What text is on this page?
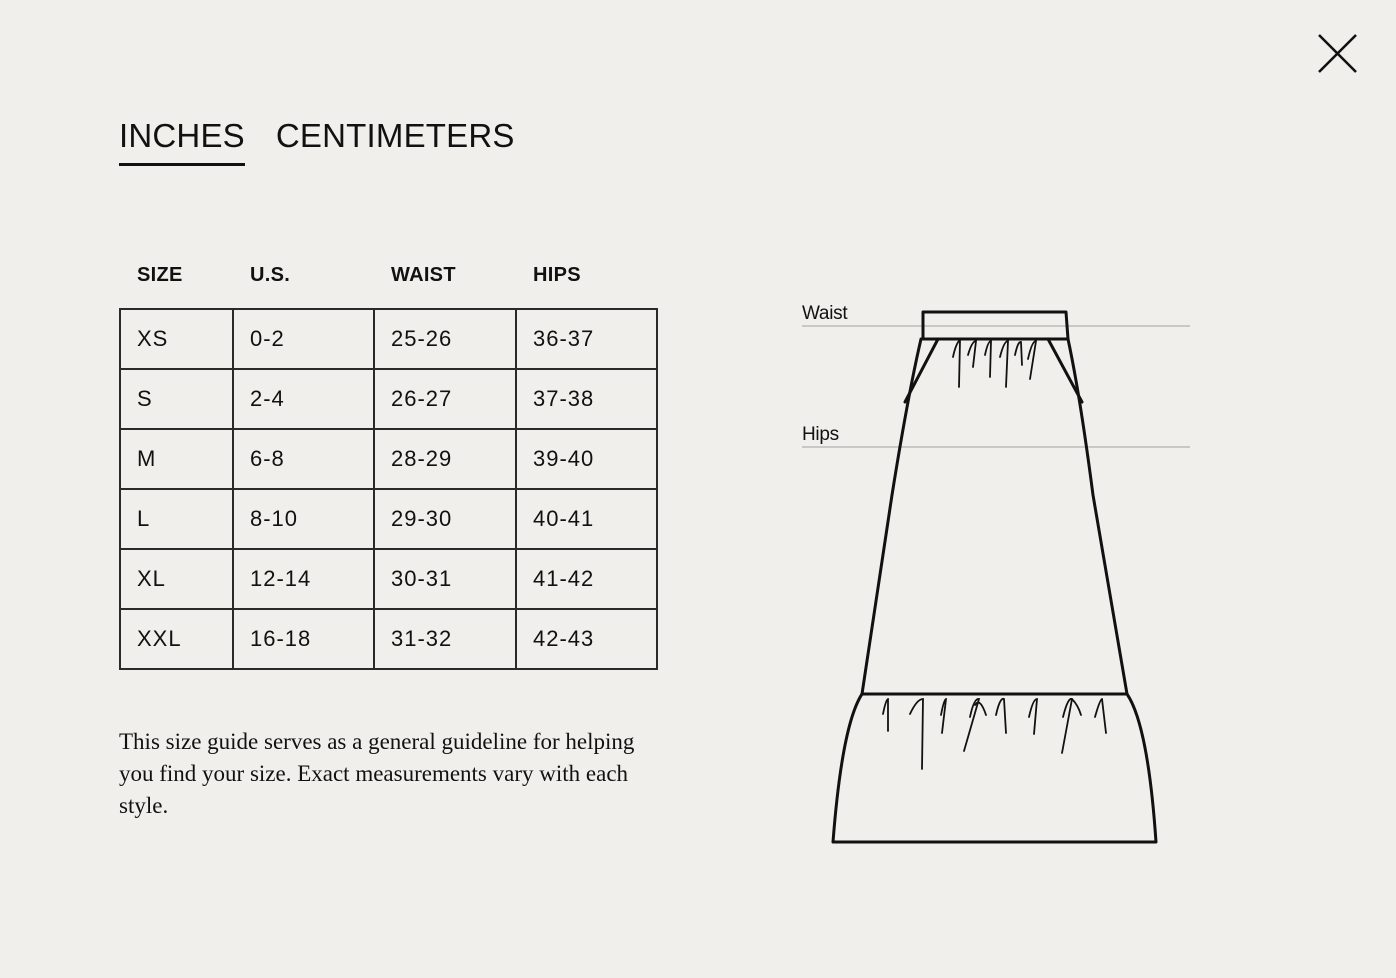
INCHES CENTIMETERS
SIZE	U.S.	WAIST	HIPS
XS	0-2	25-26	36-37
S	2-4	26-27	37-38
M	6-8	28-29	39-40
L	8-10	29-30	40-41
XL	12-14	30-31	41-42
XXL	16-18	31-32	42-43

This size guide serves as a general guideline for helping you find your size. Exact measurements vary with each style.

Waist
Hips
